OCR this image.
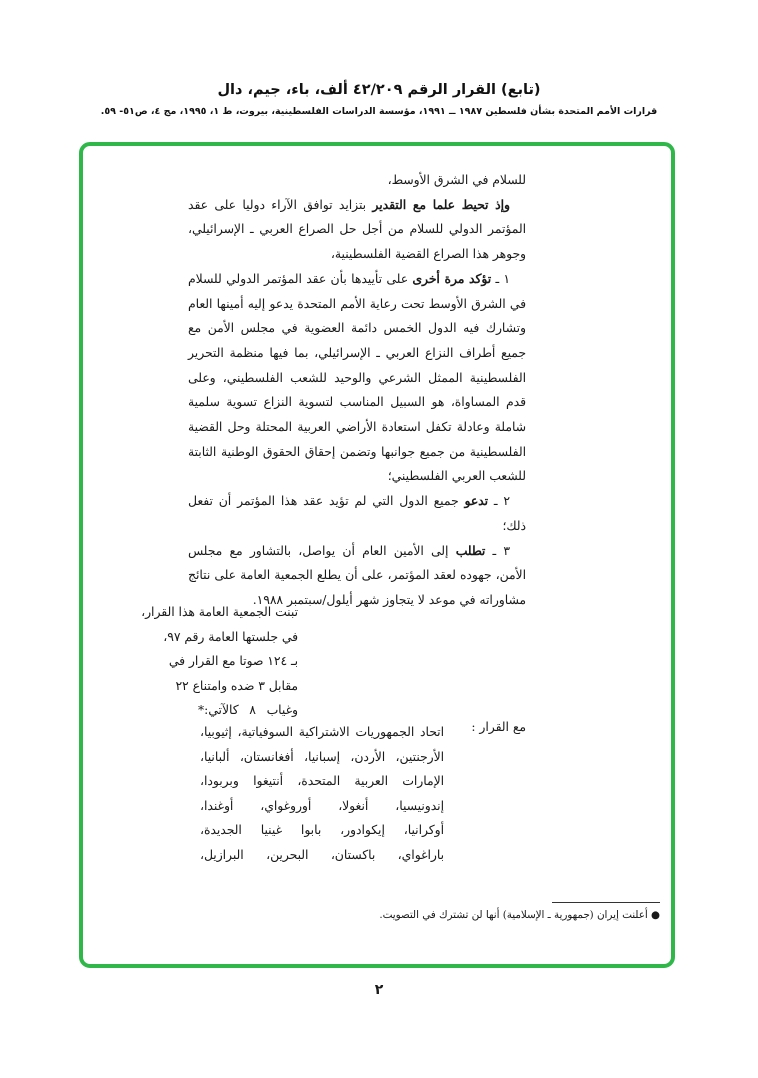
(تابع) القرار الرقم ٤٢/٢٠٩ ألف، باء، جيم، دال
قرارات الأمم المتحدة بشأن فلسطين ١٩٨٧ ــ ١٩٩١، مؤسسة الدراسات الفلسطينية، بيروت، ط ١، ١٩٩٥، مج ٤، ص٥١- ٥٩.

للسلام في الشرق الأوسط،

وإذ تحيط علما مع التقدير بتزايد توافق الآراء دوليا على عقد المؤتمر الدولي للسلام من أجل حل الصراع العربي ـ الإسرائيلي، وجوهر هذا الصراع القضية الفلسطينية،

١ ـ تؤكد مرة أخرى على تأييدها بأن عقد المؤتمر الدولي للسلام في الشرق الأوسط تحت رعاية الأمم المتحدة يدعو إليه أمينها العام وتشارك فيه الدول الخمس دائمة العضوية في مجلس الأمن مع جميع أطراف النزاع العربي ـ الإسرائيلي، بما فيها منظمة التحرير الفلسطينية الممثل الشرعي والوحيد للشعب الفلسطيني، وعلى قدم المساواة، هو السبيل المناسب لتسوية النزاع تسوية سلمية شاملة وعادلة تكفل استعادة الأراضي العربية المحتلة وحل القضية الفلسطينية من جميع جوانبها وتضمن إحقاق الحقوق الوطنية الثابتة للشعب العربي الفلسطيني؛

٢ ـ تدعو جميع الدول التي لم تؤيد عقد هذا المؤتمر أن تفعل ذلك؛

٣ ـ تطلب إلى الأمين العام أن يواصل، بالتشاور مع مجلس الأمن، جهوده لعقد المؤتمر، على أن يطلع الجمعية العامة على نتائج مشاوراته في موعد لا يتجاوز شهر أيلول/سبتمبر ١٩٨٨.

تبنت الجمعية العامة هذا القرار،
في جلستها العامة رقم ٩٧،
بـ ١٢٤ صوتا مع القرار في
مقابل ٣ ضده وامتناع ٢٢
وغياب ٨ كالآتي:*
مع القرار :
اتحاد الجمهوريات الاشتراكية السوفياتية، إثيوبيا،
الأرجنتين، الأردن، إسبانيا، أفغانستان، ألبانيا،
الإمارات العربية المتحدة، أنتيغوا وبربودا،
إندونيسيا، أنغولا، أوروغواي، أوغندا،
أوكرانيا، إيكوادور، بابوا غينيا الجديدة،
باراغواي، باكستان، البحرين، البرازيل،
● أعلنت إيران (جمهورية ـ الإسلامية) أنها لن تشترك في التصويت.
٢
